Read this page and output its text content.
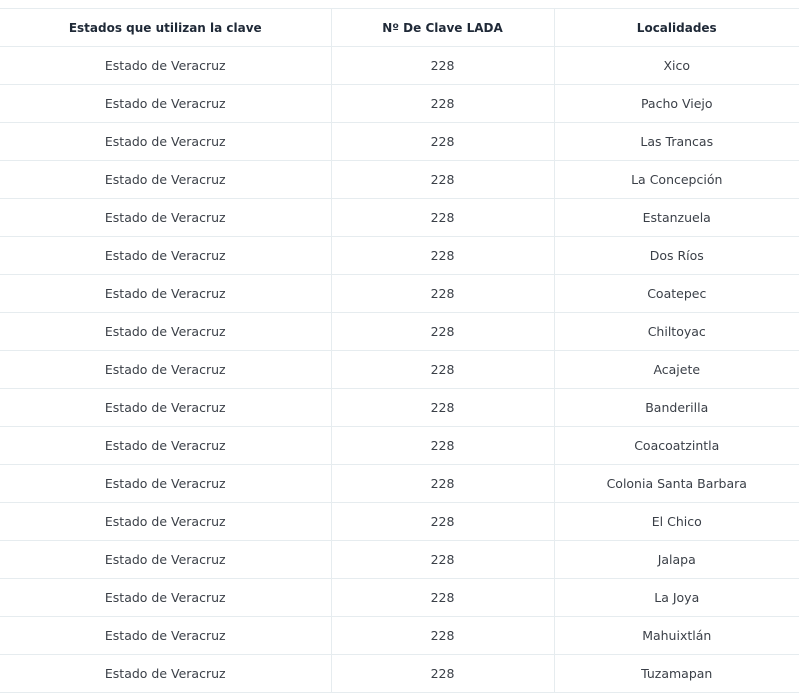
Estados que utilizan la clave	Nº De Clave LADA	Localidades
Estado de Veracruz	228	Xico
Estado de Veracruz	228	Pacho Viejo
Estado de Veracruz	228	Las Trancas
Estado de Veracruz	228	La Concepción
Estado de Veracruz	228	Estanzuela
Estado de Veracruz	228	Dos Ríos
Estado de Veracruz	228	Coatepec
Estado de Veracruz	228	Chiltoyac
Estado de Veracruz	228	Acajete
Estado de Veracruz	228	Banderilla
Estado de Veracruz	228	Coacoatzintla
Estado de Veracruz	228	Colonia Santa Barbara
Estado de Veracruz	228	El Chico
Estado de Veracruz	228	Jalapa
Estado de Veracruz	228	La Joya
Estado de Veracruz	228	Mahuixtlán
Estado de Veracruz	228	Tuzamapan
